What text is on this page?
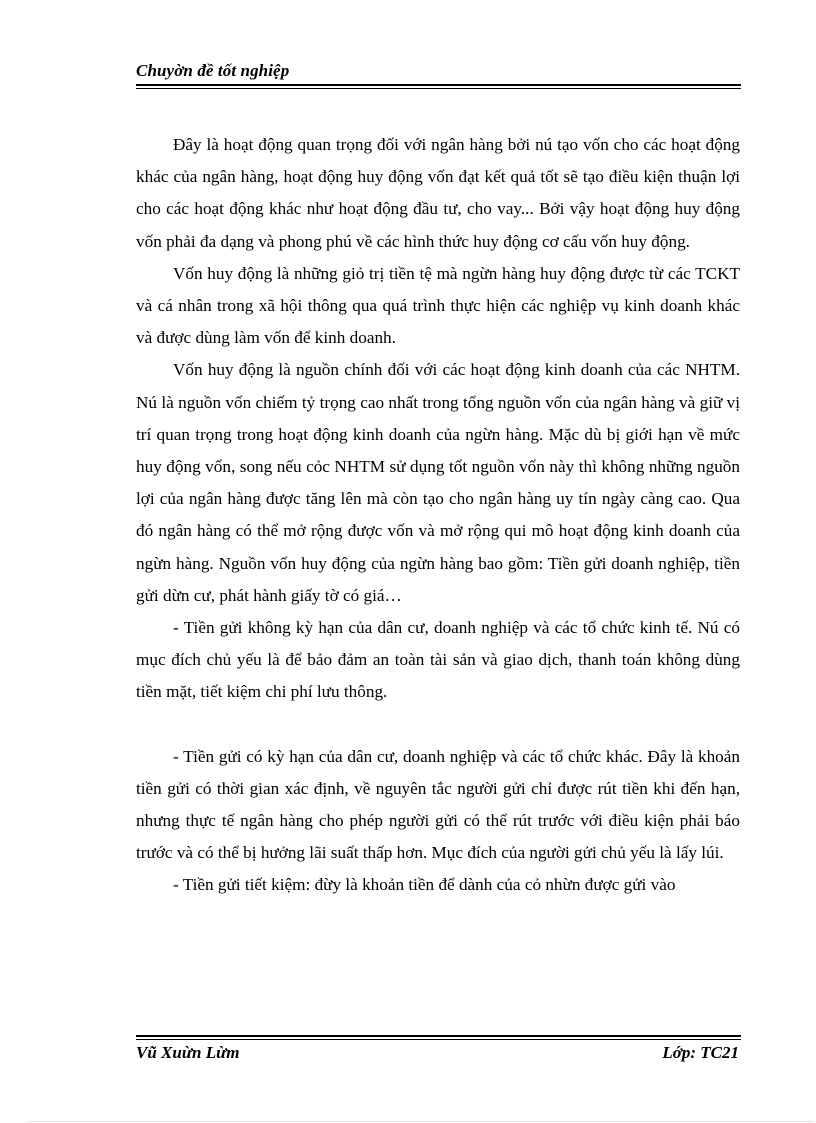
Chuyờn đề tốt nghiệp

Đây là hoạt động quan trọng đối với ngân hàng bởi nú tạo vốn cho các hoạt động khác của ngân hàng, hoạt động huy động vốn đạt kết quả tốt sẽ tạo điều kiện thuận lợi cho các hoạt động khác như hoạt động đầu tư, cho vay... Bởi vậy hoạt động huy động vốn phải đa dạng và phong phú về các hình thức huy động cơ cấu vốn huy động.

Vốn huy động là những giỏ trị tiền tệ mà ngừn hàng huy động được từ các TCKT và cá nhân trong xã hội thông qua quá trình thực hiện các nghiệp vụ kinh doanh khác và được dùng làm vốn để kinh doanh.

Vốn huy động là nguồn chính đối với các hoạt động kinh doanh của các NHTM. Nú là nguồn vốn chiếm tỷ trọng cao nhất trong tổng nguồn vốn của ngân hàng và giữ vị trí quan trọng trong hoạt động kinh doanh của ngừn hàng. Mặc dù bị giới hạn về mức huy động vốn, song nếu cỏc NHTM sử dụng tốt nguồn vốn này thì không những nguồn lợi của ngân hàng được tăng lên mà còn tạo cho ngân hàng uy tín ngày càng cao. Qua đó ngân hàng có thể mở rộng được vốn và mở rộng qui mô hoạt động kinh doanh của ngừn hàng. Nguồn vốn huy động của ngừn hàng bao gồm: Tiền gửi doanh nghiệp, tiền gửi dừn cư, phát hành giấy tờ có giá…

- Tiền gửi không kỳ hạn của dân cư, doanh nghiệp và các tổ chức kinh tế. Nú có mục đích chủ yếu là để bảo đảm an toàn tài sản và giao dịch, thanh toán không dùng tiền mặt, tiết kiệm chi phí lưu thông.

- Tiền gửi có kỳ hạn của dân cư, doanh nghiệp và các tổ chức khác. Đây là khoản tiền gửi có thời gian xác định, về nguyên tắc người gửi chỉ được rút tiền khi đến hạn, nhưng thực tế ngân hàng cho phép người gửi có thể rút trước với điều kiện phải báo trước và có thể bị hưởng lãi suất thấp hơn. Mục đích của người gửi chủ yếu là lấy lúi.

- Tiền gửi tiết kiệm: đừy là khoản tiền để dành của cỏ nhừn được gửi vào

Vũ Xuừn Lừm	Lớp: TC21
